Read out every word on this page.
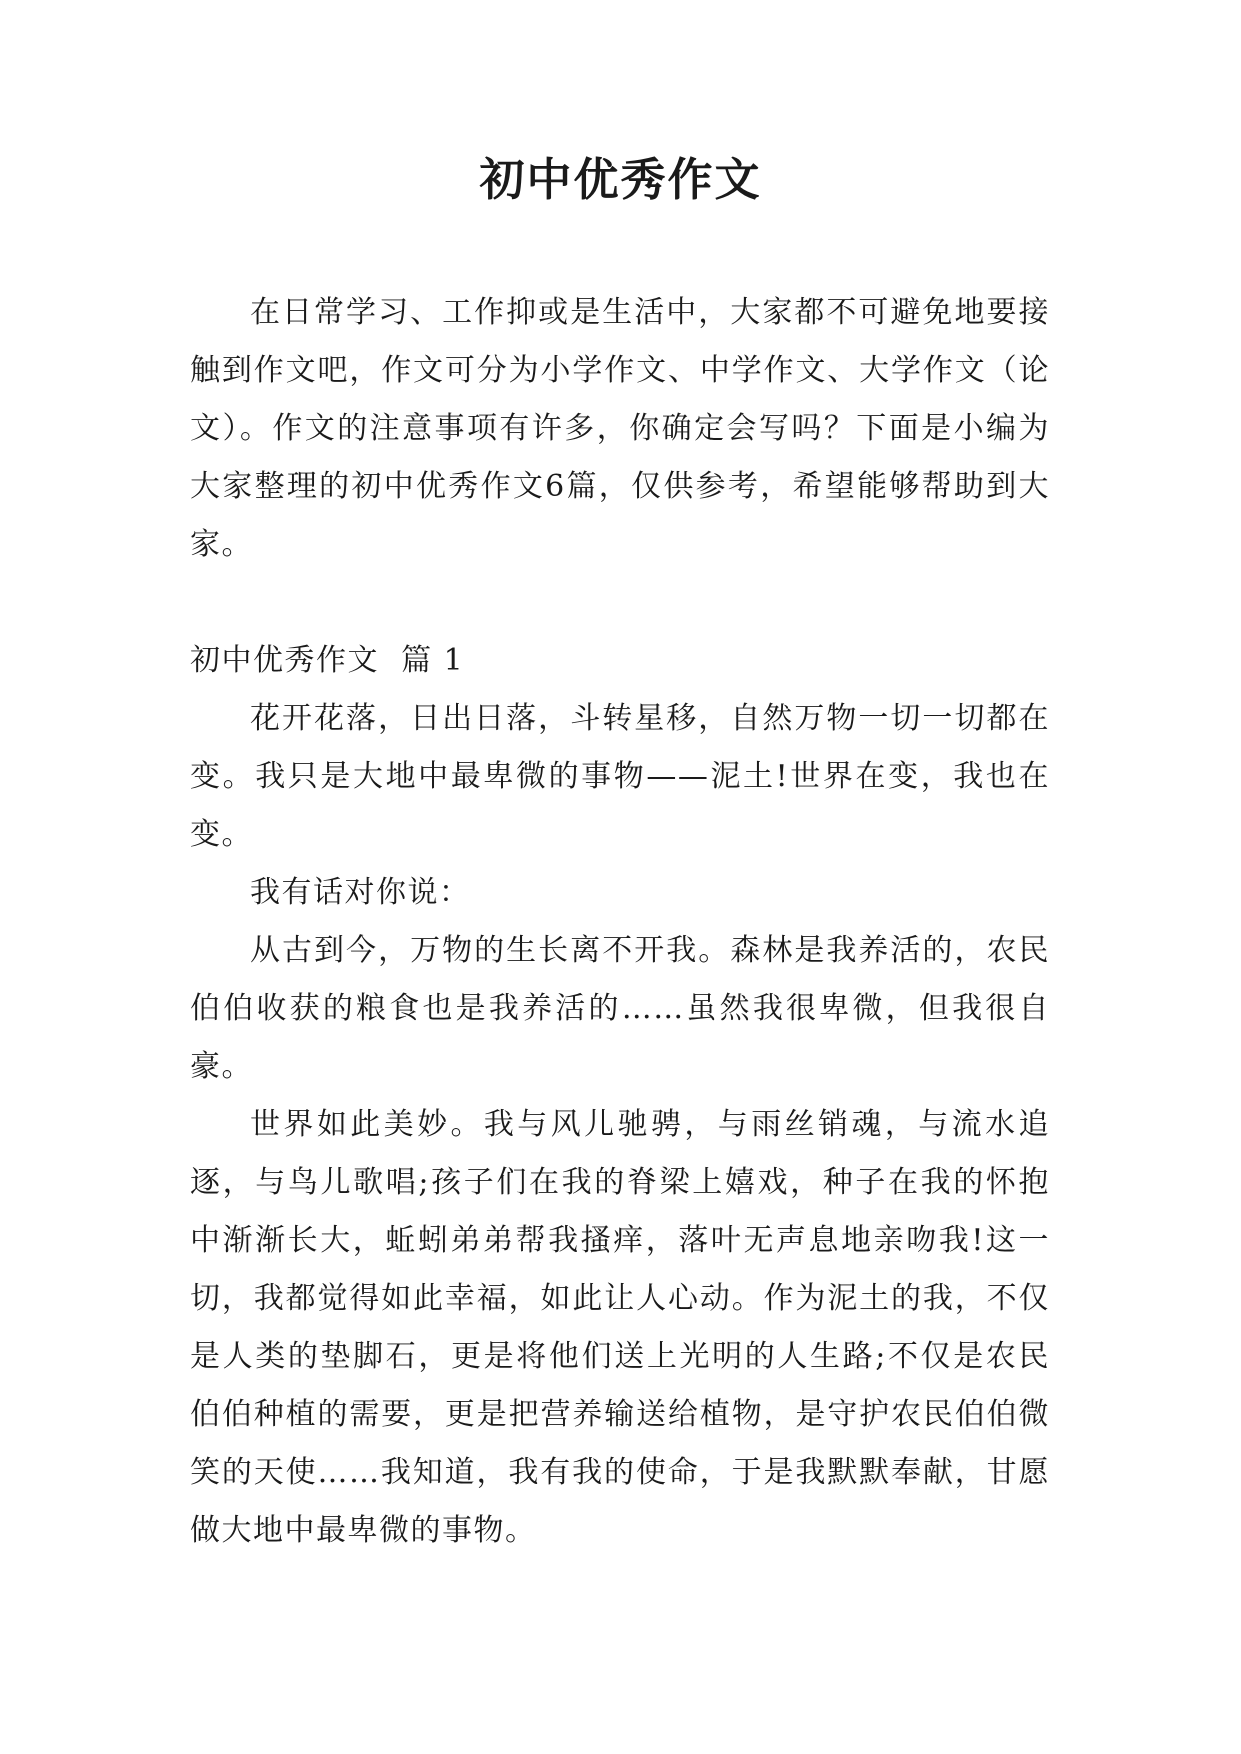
初中优秀作文

在日常学习、工作抑或是生活中，大家都不可避免地要接触到作文吧，作文可分为小学作文、中学作文、大学作文（论文）。作文的注意事项有许多，你确定会写吗？下面是小编为大家整理的初中优秀作文6篇，仅供参考，希望能够帮助到大家。

初中优秀作文  篇 1

花开花落，日出日落，斗转星移，自然万物一切一切都在变。我只是大地中最卑微的事物——泥土!世界在变，我也在变。

我有话对你说：

从古到今，万物的生长离不开我。森林是我养活的，农民伯伯收获的粮食也是我养活的……虽然我很卑微，但我很自豪。

世界如此美妙。我与风儿驰骋，与雨丝销魂，与流水追逐，与鸟儿歌唱;孩子们在我的脊梁上嬉戏，种子在我的怀抱中渐渐长大，蚯蚓弟弟帮我搔痒，落叶无声息地亲吻我!这一切，我都觉得如此幸福，如此让人心动。作为泥土的我，不仅是人类的垫脚石，更是将他们送上光明的人生路;不仅是农民伯伯种植的需要，更是把营养输送给植物，是守护农民伯伯微笑的天使……我知道，我有我的使命，于是我默默奉献，甘愿做大地中最卑微的事物。
